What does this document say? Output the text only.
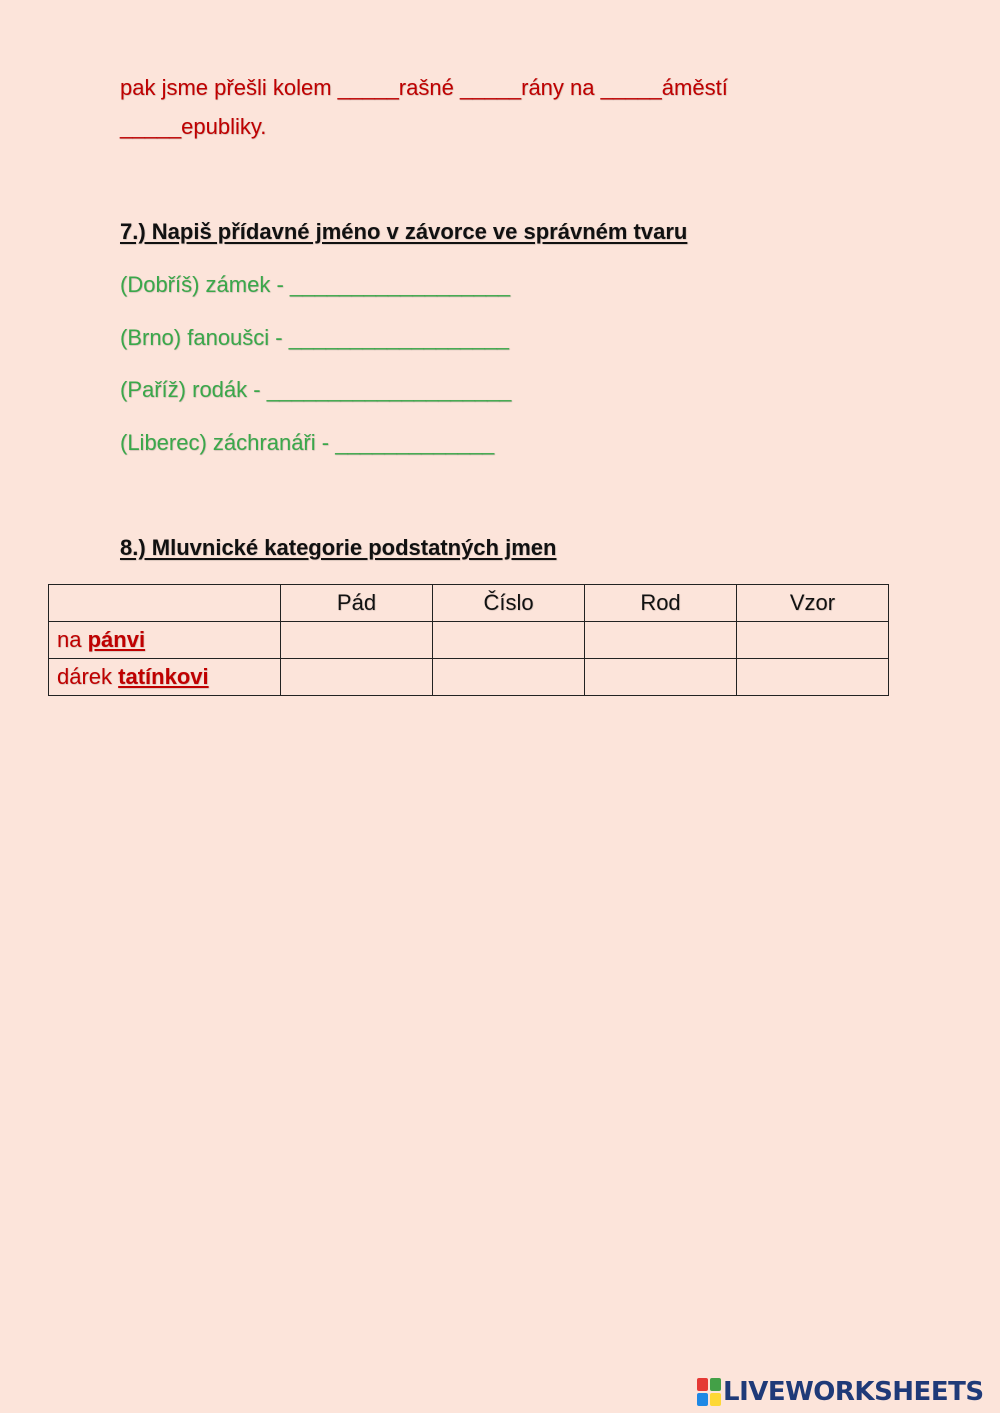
pak jsme přešli kolem _____rašné _____rány na _____áměstí
_____epubliky.
7.) Napiš přídavné jméno v závorce ve správném tvaru
(Dobříš) zámek - __________________
(Brno) fanoušci - __________________
(Paříž) rodák - ____________________
(Liberec) záchranáři - _____________
8.) Mluvnické kategorie podstatných jmen
	Pád	Číslo	Rod	Vzor
na pánvi				
dárek tatínkovi				
LIVEWORKSHEETS
